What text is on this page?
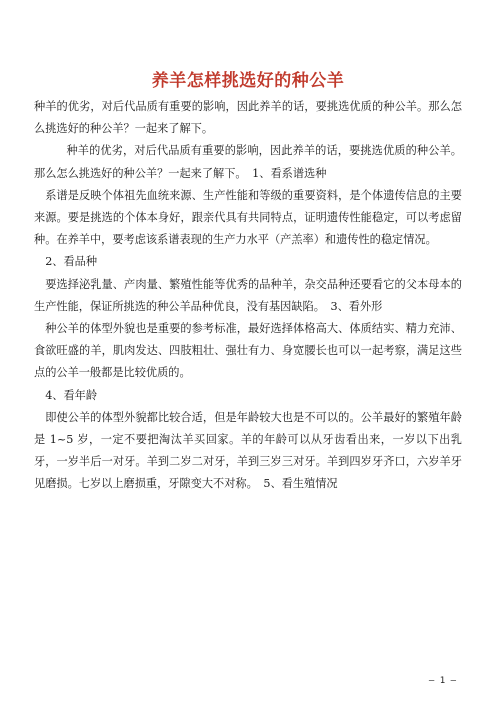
养羊怎样挑选好的种公羊

种羊的优劣，对后代品质有重要的影响，因此养羊的话，要挑选优质的种公羊。那么怎么挑选好的种公羊？一起来了解下。

种羊的优劣，对后代品质有重要的影响，因此养羊的话，要挑选优质的种公羊。那么怎么挑选好的种公羊？一起来了解下。　1、看系谱选种

系谱是反映个体祖先血统来源、生产性能和等级的重要资料，是个体遗传信息的主要来源。要是挑选的个体本身好，跟亲代具有共同特点，证明遗传性能稳定，可以考虑留种。在养羊中，要考虑该系谱表现的生产力水平（产羔率）和遗传性的稳定情况。

2、看品种

要选择泌乳量、产肉量、繁殖性能等优秀的品种羊，杂交品种还要看它的父本母本的生产性能，保证所挑选的种公羊品种优良，没有基因缺陷。　3、看外形

种公羊的体型外貌也是重要的参考标准，最好选择体格高大、体质结实、精力充沛、食欲旺盛的羊，肌肉发达、四肢粗壮、强壮有力、身宽腰长也可以一起考察，满足这些点的公羊一般都是比较优质的。

4、看年龄

即使公羊的体型外貌都比较合适，但是年龄较大也是不可以的。公羊最好的繁殖年龄是 1~5 岁，一定不要把淘汰羊买回家。羊的年龄可以从牙齿看出来，一岁以下出乳牙，一岁半后一对牙。羊到二岁二对牙，羊到三岁三对牙。羊到四岁牙齐口，六岁羊牙见磨损。七岁以上磨损重，牙隙变大不对称。　5、看生殖情况

— 1 —
